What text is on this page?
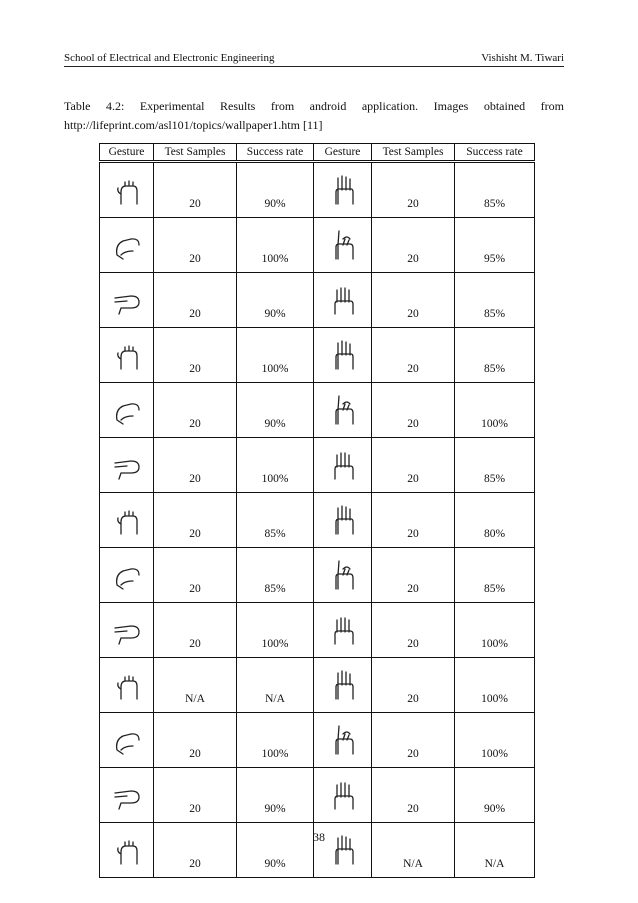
School of Electrical and Electronic Engineering	Vishisht M. Tiwari
Table 4.2: Experimental Results from android application. Images obtained from
http://lifeprint.com/asl101/topics/wallpaper1.htm [11]
Gesture	Test Samples	Success rate	Gesture	Test Samples	Success rate
	20	90%		20	85%

	20	100%		20	95%

	20	90%		20	85%

	20	100%		20	85%

	20	90%		20	100%

	20	100%		20	85%

	20	85%		20	80%

	20	85%		20	85%

	20	100%		20	100%

	N/A	N/A		20	100%

	20	100%		20	100%

	20	90%		20	90%

	20	90%		N/A	N/A
38
